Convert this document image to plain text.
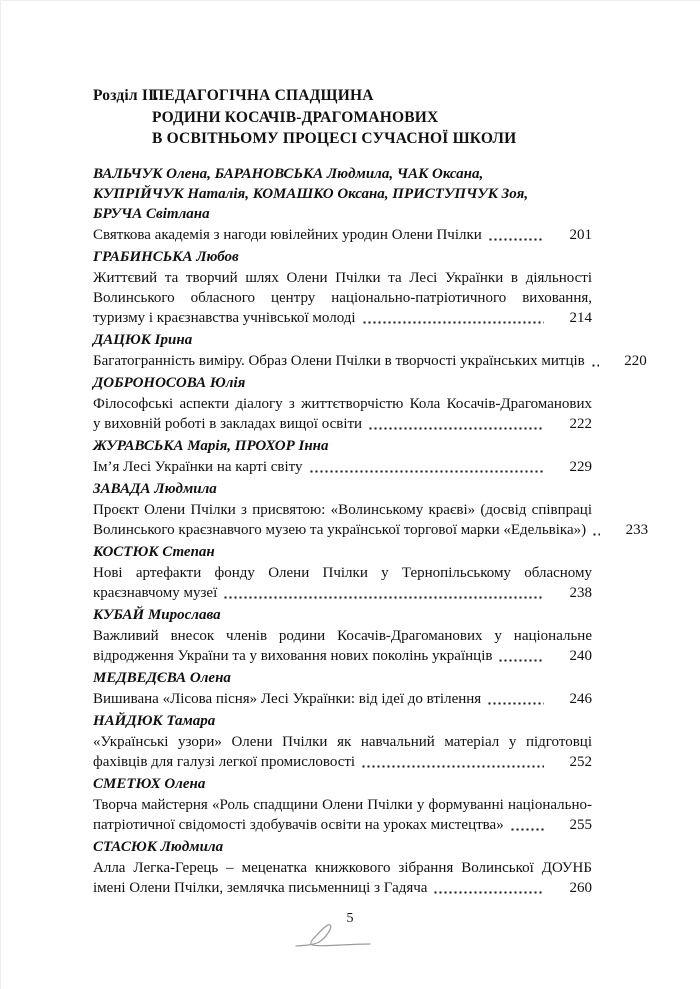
Розділ II.ПЕДАГОГІЧНА СПАДЩИНА
РОДИНИ КОСАЧІВ-ДРАГОМАНОВИХ
В ОСВІТНЬОМУ ПРОЦЕСІ СУЧАСНОЇ ШКОЛИ

ВАЛЬЧУК Олена, БАРАНОВСЬКА Людмила, ЧАК Оксана,
КУПРІЙЧУК Наталія, КОМАШКО Оксана, ПРИСТУПЧУК Зоя,
БРУЧА Світлана

Святкова академія з нагоди ювілейних уродин Олени Пчілки	201

ГРАБИНСЬКА Любов

Життєвий та творчий шлях Олени Пчілки та Лесі Українки в діяльності
Волинського обласного центру національно-патріотичного виховання,
туризму і краєзнавства учнівської молоді	214

ДАЦЮК Ірина

Багатогранність виміру. Образ Олени Пчілки в творчості українських митців	220

ДОБРОНОСОВА Юлія

Філософські аспекти діалогу з життєтворчістю Кола Косачів-Драгоманових
у виховній роботі в закладах вищої освіти	222

ЖУРАВСЬКА Марія, ПРОХОР Інна

Ім’я Лесі Українки на карті світу	229

ЗАВАДА Людмила

Проєкт Олени Пчілки з присвятою: «Волинському краєві» (досвід співпраці
Волинського краєзнавчого музею та української торгової марки «Едельвіка»)	233

КОСТЮК Степан

Нові артефакти фонду Олени Пчілки у Тернопільському обласному
краєзнавчому музеї	238

КУБАЙ Мирослава

Важливий внесок членів родини Косачів-Драгоманових у національне
відродження України та у виховання нових поколінь українців	240

МЕДВЕДЄВА Олена

Вишивана «Лісова пісня» Лесі Українки: від ідеї до втілення	246

НАЙДЮК Тамара

«Українські узори» Олени Пчілки як навчальний матеріал у підготовці
фахівців для галузі легкої промисловості	252

СМЕТЮХ Олена

Творча майстерня «Роль спадщини Олени Пчілки у формуванні національно-
патріотичної свідомості здобувачів освіти на уроках мистецтва»	255

СТАСЮК Людмила

Алла Легка-Герець – меценатка книжкового зібрання Волинської ДОУНБ
імені Олени Пчілки, землячка письменниці з Гадяча	260
5
